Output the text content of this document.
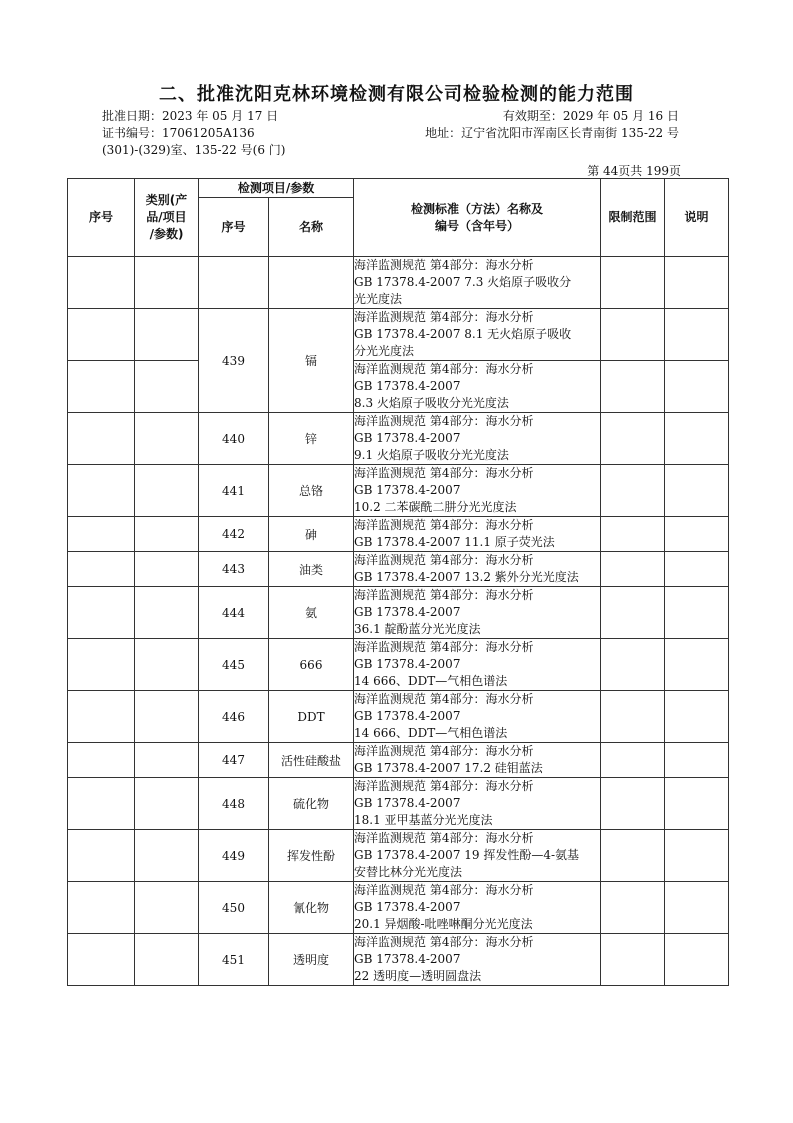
二、批准沈阳克林环境检测有限公司检验检测的能力范围
批准日期：2023 年 05 月 17 日	有效期至：2029 年 05 月 16 日
证书编号：17061205A136	地址：辽宁省沈阳市浑南区长青南街 135-22 号
(301)-(329)室、135-22 号(6 门)
第 44页共 199页
序号	类别(产
品/项目
/参数)	检测项目/参数		检测标准（方法）名称及
编号（含年号）	限制范围	说明
		序号	名称			

				海洋监测规范 第4部分：海水分析
GB 17378.4-2007 7.3 火焰原子吸收分
光光度法		

		439	镉	海洋监测规范 第4部分：海水分析
GB 17378.4-2007 8.1 无火焰原子吸收
分光光度法		

				海洋监测规范 第4部分：海水分析
GB 17378.4-2007
8.3 火焰原子吸收分光光度法		

		440	锌	海洋监测规范 第4部分：海水分析
GB 17378.4-2007
9.1 火焰原子吸收分光光度法		

		441	总铬	海洋监测规范 第4部分：海水分析
GB 17378.4-2007
10.2 二苯碳酰二肼分光光度法		

		442	砷	海洋监测规范 第4部分：海水分析
GB 17378.4-2007 11.1 原子荧光法		

		443	油类	海洋监测规范 第4部分：海水分析
GB 17378.4-2007 13.2 紫外分光光度法		

		444	氨	海洋监测规范 第4部分：海水分析
GB 17378.4-2007
36.1 靛酚蓝分光光度法		

		445	666	海洋监测规范 第4部分：海水分析
GB 17378.4-2007
14 666、DDT—气相色谱法		

		446	DDT	海洋监测规范 第4部分：海水分析
GB 17378.4-2007
14 666、DDT—气相色谱法		

		447	活性硅酸盐	海洋监测规范 第4部分：海水分析
GB 17378.4-2007 17.2 硅钼蓝法		

		448	硫化物	海洋监测规范 第4部分：海水分析
GB 17378.4-2007
18.1 亚甲基蓝分光光度法		

		449	挥发性酚	海洋监测规范 第4部分：海水分析
GB 17378.4-2007 19 挥发性酚—4-氨基
安替比林分光光度法		

		450	氰化物	海洋监测规范 第4部分：海水分析
GB 17378.4-2007
20.1 异烟酸-吡唑啉酮分光光度法		

		451	透明度	海洋监测规范 第4部分：海水分析
GB 17378.4-2007
22 透明度—透明圆盘法		
